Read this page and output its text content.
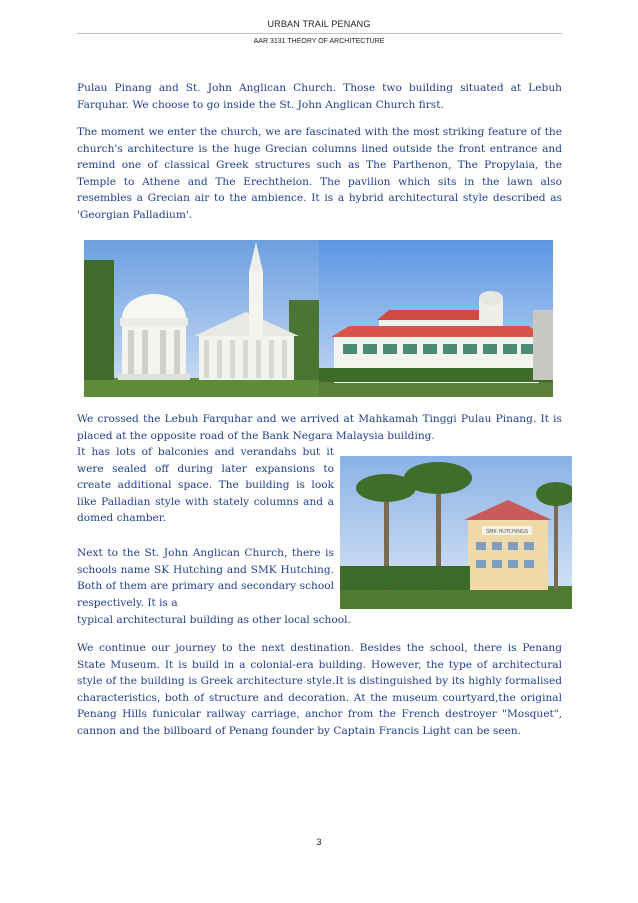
URBAN TRAIL PENANG
AAR 3131 THEORY OF ARCHITECTURE

Pulau Pinang and St. John Anglican Church. Those two building situated at Lebuh Farquhar. We choose to go inside the St. John Anglican Church first.

The moment we enter the church, we are fascinated with the most striking feature of the church's architecture is the huge Grecian columns lined outside the front entrance and remind one of classical Greek structures such as The Parthenon, The Propylaia, the Temple to Athene and The Erechtheion. The pavilion which sits in the lawn also resembles a Grecian air to the ambience. It is a hybrid architectural style described as 'Georgian Palladium'.

We crossed the Lebuh Farquhar and we arrived at Mahkamah Tinggi Pulau Pinang. It is placed at the opposite road of the Bank Negara Malaysia building.

It has lots of balconies and verandahs but it were sealed off during later expansions to create additional space. The building is look like Palladian style with stately columns and a domed chamber.

SMK HUTCHINGS

Next to the St. John Anglican Church, there is schools name SK Hutching and SMK Hutching. Both of them are primary and secondary school respectively. It is a

typical architectural building as other local school.

We continue our journey to the next destination. Besides the school, there is Penang State Museum. It is build in a colonial-era building. However, the type of architectural style of the building is Greek architecture style.It is distinguished by its highly formalised characteristics, both of structure and decoration. At the museum courtyard,the original Penang Hills funicular railway carriage, anchor from the French destroyer "Mosquet", cannon and the billboard of Penang founder by Captain Francis Light can be seen.

3
